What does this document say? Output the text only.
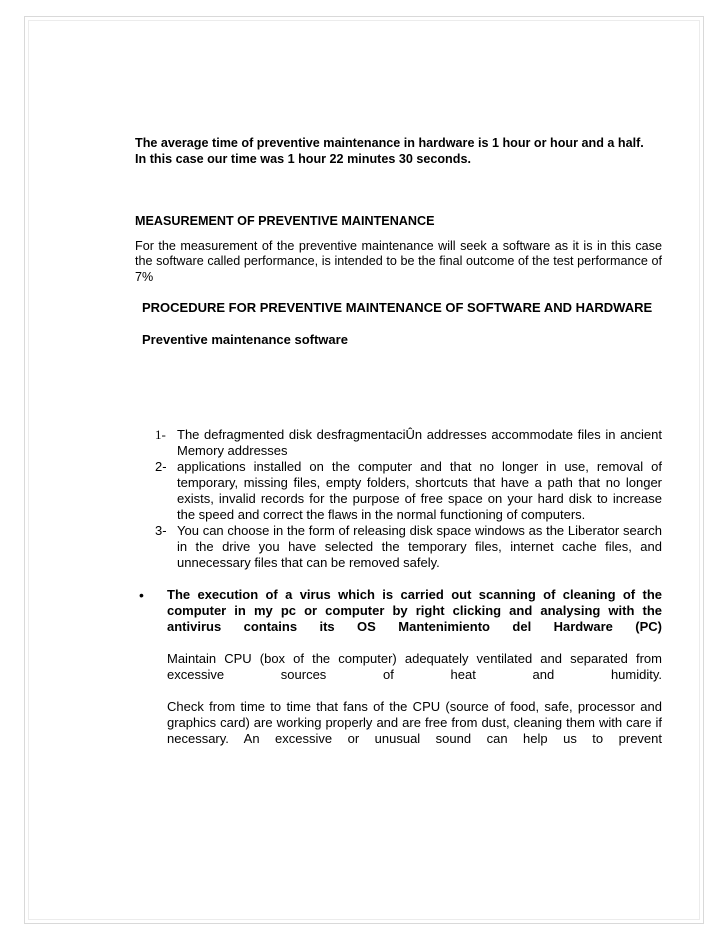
The average time of preventive maintenance in hardware is 1 hour or hour and a half.

In this case our time was 1 hour 22 minutes 30 seconds.

MEASUREMENT OF PREVENTIVE MAINTENANCE

For the measurement of the preventive maintenance will seek a software as it is in this case the software called performance, is intended to be the final outcome of the test performance of 7%

PROCEDURE FOR PREVENTIVE MAINTENANCE OF SOFTWARE AND HARDWARE

Preventive maintenance software

1- The defragmented disk desfragmentaciÛn addresses accommodate files in ancient Memory addresses
2- applications installed on the computer and that no longer in use, removal of temporary, missing files, empty folders, shortcuts that have a path that no longer exists, invalid records for the purpose of free space on your hard disk to increase the speed and correct the flaws in the normal functioning of computers.
3- You can choose in the form of releasing disk space windows as the Liberator search in the drive you have selected the temporary files, internet cache files, and unnecessary files that can be removed safely.
•	The execution of a virus which is carried out scanning of cleaning of the computer in my pc or computer by right clicking and analysing with the antivirus contains its OS Mantenimiento del Hardware (PC)

Maintain CPU (box of the computer) adequately ventilated and separated from excessive sources of heat and humidity.

Check from time to time that fans of the CPU (source of food, safe, processor and graphics card) are working properly and are free from dust, cleaning them with care if necessary. An excessive or unusual sound can help us to prevent
